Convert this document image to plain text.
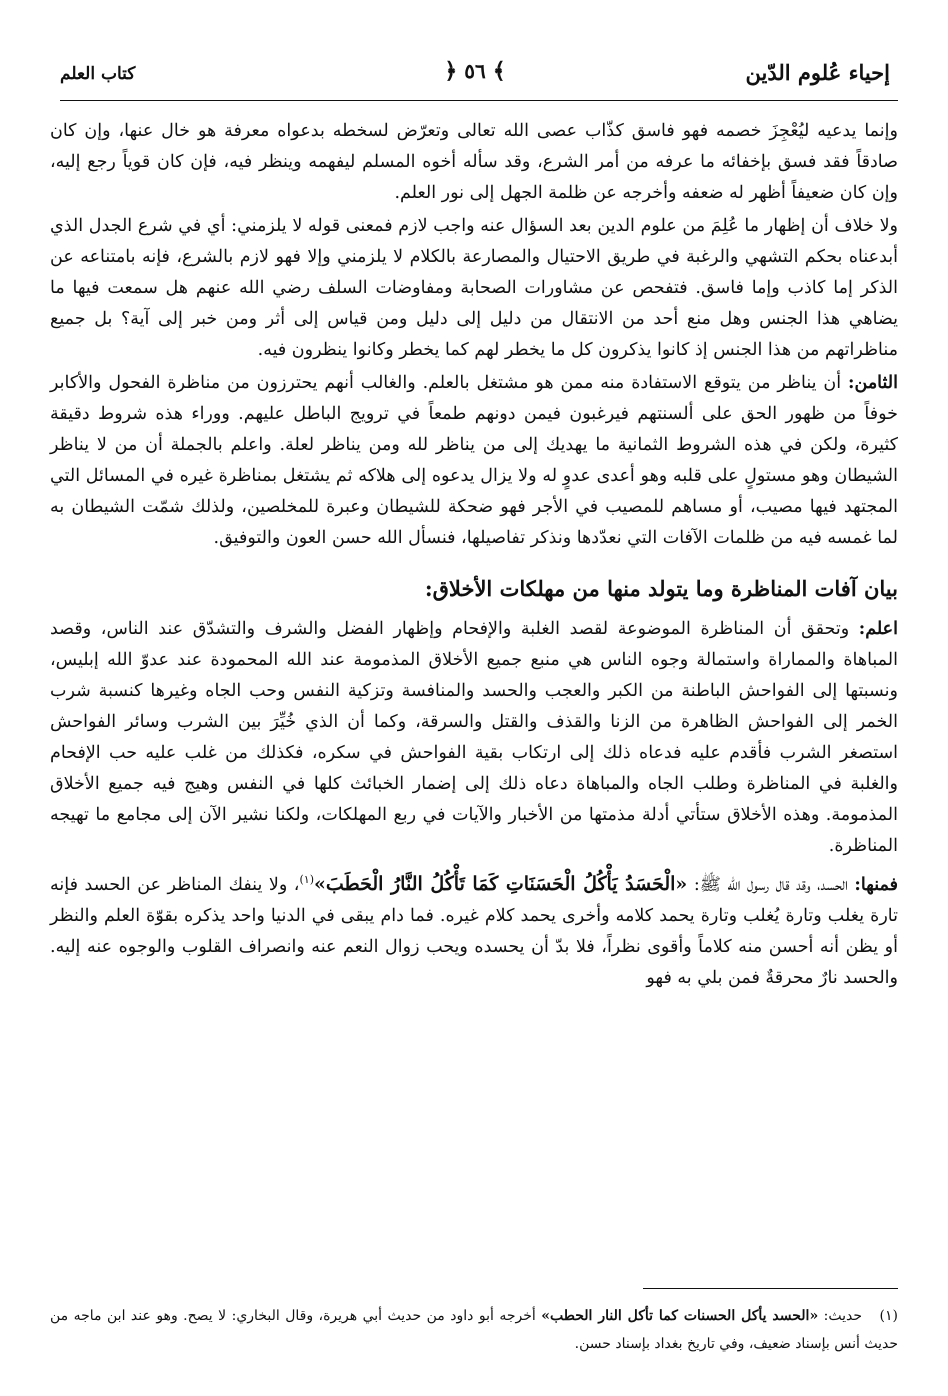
إحياء عُلوم الدّين
﴾ ٥٦ ﴿
كتاب العلم

وإنما يدعيه ليُعْجِزَ خصمه فهو فاسق كذّاب عصى الله تعالى وتعرّض لسخطه بدعواه معرفة هو خال عنها، وإن كان صادقاً فقد فسق بإخفائه ما عرفه من أمر الشرع، وقد سأله أخوه المسلم ليفهمه وينظر فيه، فإن كان قوياً رجع إليه، وإن كان ضعيفاً أظهر له ضعفه وأخرجه عن ظلمة الجهل إلى نور العلم.

ولا خلاف أن إظهار ما عُلِمَ من علوم الدين بعد السؤال عنه واجب لازم فمعنى قوله لا يلزمني: أي في شرع الجدل الذي أبدعناه بحكم التشهي والرغبة في طريق الاحتيال والمصارعة بالكلام لا يلزمني وإلا فهو لازم بالشرع، فإنه بامتناعه عن الذكر إما كاذب وإما فاسق. فتفحص عن مشاورات الصحابة ومفاوضات السلف رضي الله عنهم هل سمعت فيها ما يضاهي هذا الجنس وهل منع أحد من الانتقال من دليل إلى دليل ومن قياس إلى أثر ومن خبر إلى آية؟ بل جميع مناظراتهم من هذا الجنس إذ كانوا يذكرون كل ما يخطر لهم كما يخطر وكانوا ينظرون فيه.

الثامن: أن يناظر من يتوقع الاستفادة منه ممن هو مشتغل بالعلم. والغالب أنهم يحترزون من مناظرة الفحول والأكابر خوفاً من ظهور الحق على ألسنتهم فيرغبون فيمن دونهم طمعاً في ترويج الباطل عليهم. ووراء هذه شروط دقيقة كثيرة، ولكن في هذه الشروط الثمانية ما يهديك إلى من يناظر لله ومن يناظر لعلة. واعلم بالجملة أن من لا يناظر الشيطان وهو مستولٍ على قلبه وهو أعدى عدوٍ له ولا يزال يدعوه إلى هلاكه ثم يشتغل بمناظرة غيره في المسائل التي المجتهد فيها مصيب، أو مساهم للمصيب في الأجر فهو ضحكة للشيطان وعبرة للمخلصين، ولذلك شمّت الشيطان به لما غمسه فيه من ظلمات الآفات التي نعدّدها ونذكر تفاصيلها، فنسأل الله حسن العون والتوفيق.

بيان آفات المناظرة وما يتولد منها من مهلكات الأخلاق:

اعلم: وتحقق أن المناظرة الموضوعة لقصد الغلبة والإفحام وإظهار الفضل والشرف والتشدّق عند الناس، وقصد المباهاة والمماراة واستمالة وجوه الناس هي منبع جميع الأخلاق المذمومة عند الله المحمودة عند عدوّ الله إبليس، ونسبتها إلى الفواحش الباطنة من الكبر والعجب والحسد والمنافسة وتزكية النفس وحب الجاه وغيرها كنسبة شرب الخمر إلى الفواحش الظاهرة من الزنا والقذف والقتل والسرقة، وكما أن الذي خُيِّرَ بين الشرب وسائر الفواحش استصغر الشرب فأقدم عليه فدعاه ذلك إلى ارتكاب بقية الفواحش في سكره، فكذلك من غلب عليه حب الإفحام والغلبة في المناظرة وطلب الجاه والمباهاة دعاه ذلك إلى إضمار الخبائث كلها في النفس وهيج فيه جميع الأخلاق المذمومة. وهذه الأخلاق ستأتي أدلة مذمتها من الأخبار والآيات في ربع المهلكات، ولكنا نشير الآن إلى مجامع ما تهيجه المناظرة.

فمنها: الحسد، وقد قال رسول الله ﷺ: «الْحَسَدُ يَأْكُلُ الْحَسَنَاتِ كَمَا تَأْكُلُ النَّارُ الْحَطَبَ»$^{(١)}$، ولا ينفك المناظر عن الحسد فإنه تارة يغلب وتارة يُغلب وتارة يحمد كلامه وأخرى يحمد كلام غيره. فما دام يبقى في الدنيا واحد يذكره بقوّة العلم والنظر أو يظن أنه أحسن منه كلاماً وأقوى نظراً، فلا بدّ أن يحسده ويحب زوال النعم عنه وانصراف القلوب والوجوه عنه إليه. والحسد نارٌ محرقةٌ فمن بلي به فهو

(١) حديث: «الحسد يأكل الحسنات كما تأكل النار الحطب» أخرجه أبو داود من حديث أبي هريرة، وقال البخاري: لا يصح. وهو عند ابن ماجه من حديث أنس بإسناد ضعيف، وفي تاريخ بغداد بإسناد حسن.
